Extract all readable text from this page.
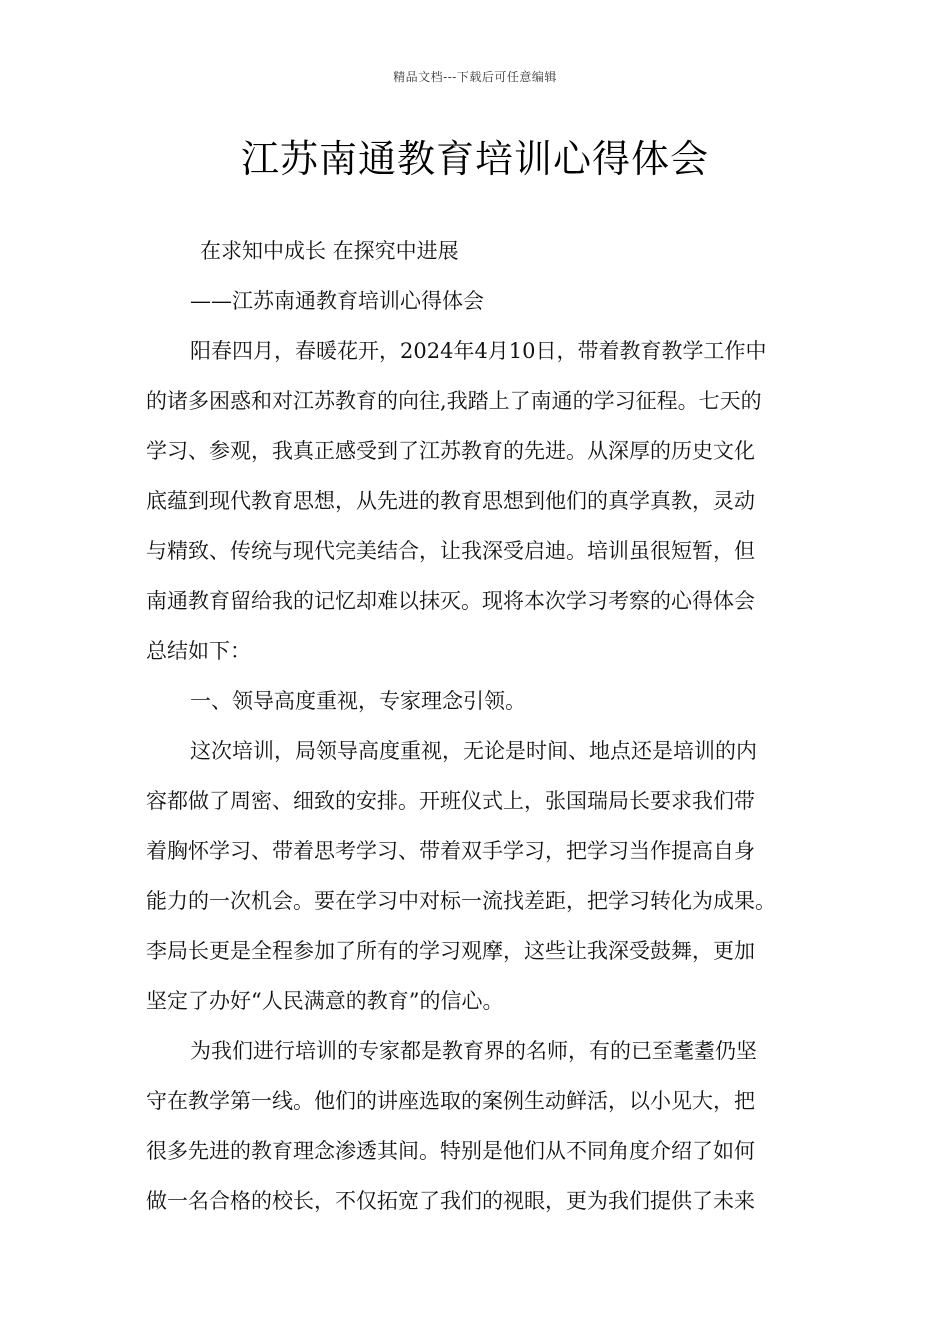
精品文档---下载后可任意编辑
江苏南通教育培训心得体会

在求知中成长 在探究中进展

——江苏南通教育培训心得体会

阳春四月，春暖花开，2024年4月10日，带着教育教学工作中

的诸多困惑和对江苏教育的向往,我踏上了南通的学习征程。七天的

学习、参观，我真正感受到了江苏教育的先进。从深厚的历史文化

底蕴到现代教育思想，从先进的教育思想到他们的真学真教，灵动

与精致、传统与现代完美结合，让我深受启迪。培训虽很短暂，但

南通教育留给我的记忆却难以抹灭。现将本次学习考察的心得体会

总结如下：

一、领导高度重视，专家理念引领。

这次培训，局领导高度重视，无论是时间、地点还是培训的内

容都做了周密、细致的安排。开班仪式上，张国瑞局长要求我们带

着胸怀学习、带着思考学习、带着双手学习，把学习当作提高自身

能力的一次机会。要在学习中对标一流找差距，把学习转化为成果。

李局长更是全程参加了所有的学习观摩，这些让我深受鼓舞，更加

坚定了办好“人民满意的教育”的信心。

为我们进行培训的专家都是教育界的名师，有的已至耄耋仍坚

守在教学第一线。他们的讲座选取的案例生动鲜活，以小见大，把

很多先进的教育理念渗透其间。特别是他们从不同角度介绍了如何

做一名合格的校长，不仅拓宽了我们的视眼，更为我们提供了未来
